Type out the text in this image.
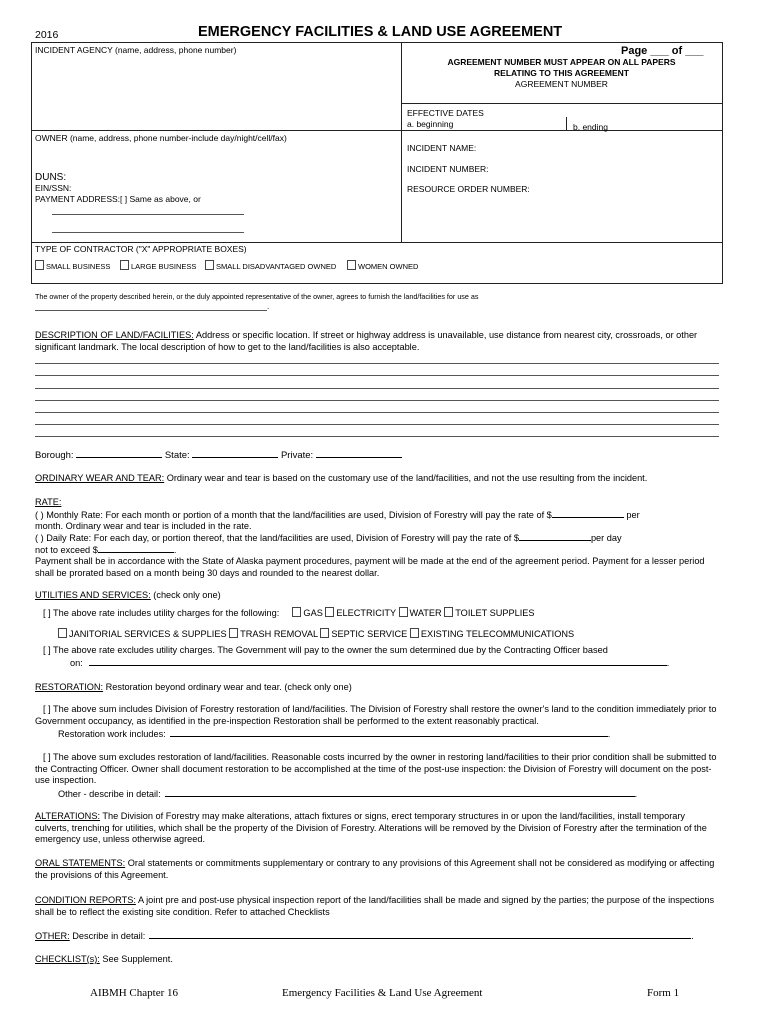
2016	EMERGENCY FACILITIES & LAND USE AGREEMENT
INCIDENT AGENCY (name, address, phone number)	Page ___ of ___
AGREEMENT NUMBER MUST APPEAR ON ALL PAPERS
RELATING TO THIS AGREEMENT
AGREEMENT NUMBER
EFFECTIVE DATES
a. beginning	b. ending
OWNER (name, address, phone number-include day/night/cell/fax)
INCIDENT NAME:
INCIDENT NUMBER:
DUNS:
RESOURCE ORDER NUMBER:
EIN/SSN:
PAYMENT ADDRESS:[ ] Same as above, or
TYPE OF CONTRACTOR ("X" APPROPRIATE BOXES)
SMALL BUSINESS	LARGE BUSINESS	SMALL DISADVANTAGED OWNED	WOMEN OWNED
The owner of the property described herein, or the duly appointed representative of the owner, agrees to furnish the land/facilities for use as
.
DESCRIPTION OF LAND/FACILITIES: Address or specific location. If street or highway address is unavailable, use distance from nearest city, crossroads, or other significant landmark. The local description of how to get to the land/facilities is also acceptable.
Borough:	State:	Private:
ORDINARY WEAR AND TEAR: Ordinary wear and tear is based on the customary use of the land/facilities, and not the use resulting from the incident.
RATE:
( ) Monthly Rate: For each month or portion of a month that the land/facilities are used, Division of Forestry will pay the rate of $	per
month. Ordinary wear and tear is included in the rate.
( ) Daily Rate: For each day, or portion thereof, that the land/facilities are used, Division of Forestry will pay the rate of $	per day
not to exceed $	.
Payment shall be in accordance with the State of Alaska payment procedures, payment will be made at the end of the agreement period. Payment for a lesser period shall be prorated based on a month being 30 days and rounded to the nearest dollar.
UTILITIES AND SERVICES: (check only one)
[ ] The above rate includes utility charges for the following:	GAS ELECTRICITY WATER TOILET SUPPLIES
JANITORIAL SERVICES & SUPPLIES TRASH REMOVAL SEPTIC SERVICE EXISTING TELECOMMUNICATIONS
[ ] The above rate excludes utility charges. The Government will pay to the owner the sum determined due by the Contracting Officer based
on:	.
RESTORATION: Restoration beyond ordinary wear and tear. (check only one)
[ ] The above sum includes Division of Forestry restoration of land/facilities. The Division of Forestry shall restore the owner's land to the condition immediately prior to Government occupancy, as identified in the pre-inspection Restoration shall be performed to the extent reasonably practical.
Restoration work includes:	.
[ ] The above sum excludes restoration of land/facilities. Reasonable costs incurred by the owner in restoring land/facilities to their prior condition shall be submitted to the Contracting Officer. Owner shall document restoration to be accomplished at the time of the post-use inspection: the Division of Forestry will document on the post-use inspection.
Other - describe in detail:	.
ALTERATIONS: The Division of Forestry may make alterations, attach fixtures or signs, erect temporary structures in or upon the land/facilities, install temporary culverts, trenching for utilities, which shall be the property of the Division of Forestry. Alterations will be removed by the Division of Forestry after the termination of the emergency use, unless otherwise agreed.
ORAL STATEMENTS: Oral statements or commitments supplementary or contrary to any provisions of this Agreement shall not be considered as modifying or affecting the provisions of this Agreement.
CONDITION REPORTS: A joint pre and post-use physical inspection report of the land/facilities shall be made and signed by the parties; the purpose of the inspections shall be to reflect the existing site condition. Refer to attached Checklists
OTHER: Describe in detail:	.
CHECKLIST(s): See Supplement.
AIBMH Chapter 16	Emergency Facilities & Land Use Agreement	Form 1
